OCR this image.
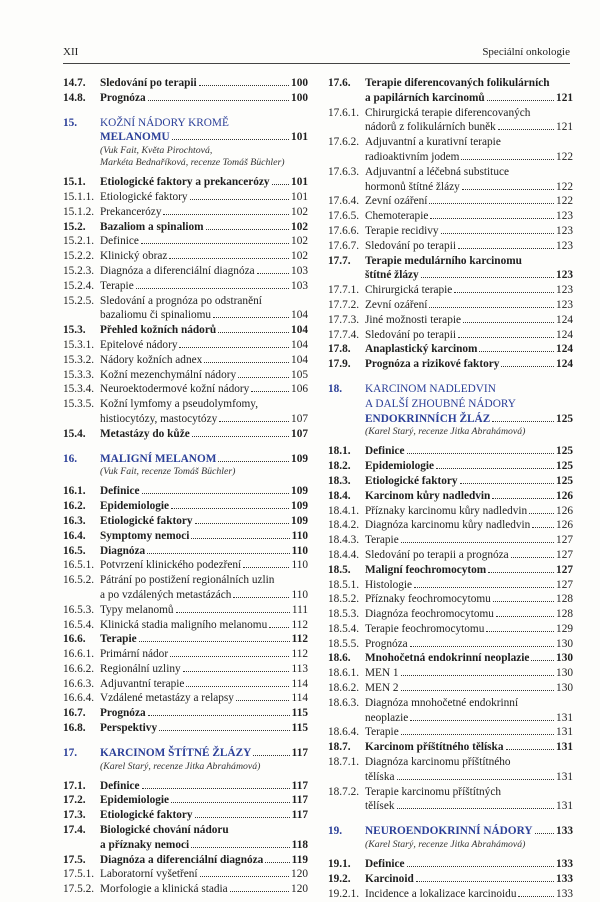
XII	Speciální onkologie
14.7. Sledování po terapii	100
14.8. Prognóza	100
15. KOŽNÍ NÁDORY KROMĚ
MELANOMU	101
(Vuk Fait, Květa Pirochtová,
Markéta Bednaříková, recenze Tomáš Büchler)
15.1. Etiologické faktory a prekancerózy 101
15.1.1. Etiologické faktory	101
15.1.2. Prekancerózy	102
15.2. Bazaliom a spinaliom	102
15.2.1. Definice	102
15.2.2. Klinický obraz	102
15.2.3. Diagnóza a diferenciální diagnóza	103
15.2.4. Terapie	103
15.2.5. Sledování a prognóza po odstranění
bazaliomu či spinaliomu	104
15.3. Přehled kožních nádorů	104
15.3.1. Epitelové nádory	104
15.3.2. Nádory kožních adnex	104
15.3.3. Kožní mezenchymální nádory	105
15.3.4. Neuroektodermové kožní nádory	106
15.3.5. Kožní lymfomy a pseudolymfomy,
histiocytózy, mastocytózy	107
15.4. Metastázy do kůže	107
16. MALIGNÍ MELANOM	109
(Vuk Fait, recenze Tomáš Büchler)
16.1. Definice	109
16.2. Epidemiologie	109
16.3. Etiologické faktory	109
16.4. Symptomy nemoci	110
16.5. Diagnóza	110
16.5.1. Potvrzení klinického podezření	110
16.5.2. Pátrání po postižení regionálních uzlin
a po vzdálených metastázách	110
16.5.3. Typy melanomů	111
16.5.4. Klinická stadia maligního melanomu 112
16.6. Terapie	112
16.6.1. Primární nádor	112
16.6.2. Regionální uzliny	113
16.6.3. Adjuvantní terapie	114
16.6.4. Vzdálené metastázy a relapsy	114
16.7. Prognóza	115
16.8. Perspektivy	115
17. KARCINOM ŠTÍTNÉ ŽLÁZY	117
(Karel Starý, recenze Jitka Abrahámová)
17.1. Definice	117
17.2. Epidemiologie	117
17.3. Etiologické faktory	117
17.4. Biologické chování nádoru
a příznaky nemoci	118
17.5. Diagnóza a diferenciální diagnóza	119
17.5.1. Laboratorní vyšetření	120
17.5.2. Morfologie a klinická stadia	120
17.6. Terapie diferencovaných folikulárních
a papilárních karcinomů	121
17.6.1. Chirurgická terapie diferencovaných
nádorů z folikulárních buněk	121
17.6.2. Adjuvantní a kurativní terapie
radioaktivním jodem	122
17.6.3. Adjuvantní a léčebná substituce
hormonů štítné žlázy	122
17.6.4. Zevní ozáření	122
17.6.5. Chemoterapie	123
17.6.6. Terapie recidivy	123
17.6.7. Sledování po terapii	123
17.7. Terapie medulárního karcinomu
štítné žlázy	123
17.7.1. Chirurgická terapie	123
17.7.2. Zevní ozáření	123
17.7.3. Jiné možnosti terapie	124
17.7.4. Sledování po terapii	124
17.8. Anaplastický karcinom	124
17.9. Prognóza a rizikové faktory	124
18. KARCINOM NADLEDVIN
A DALŠÍ ZHOUBNÉ NÁDORY
ENDOKRINNÍCH ŽLÁZ	125
(Karel Starý, recenze Jitka Abrahámová)
18.1. Definice	125
18.2. Epidemiologie	125
18.3. Etiologické faktory	125
18.4. Karcinom kůry nadledvin	126
18.4.1. Příznaky karcinomu kůry nadledvin	126
18.4.2. Diagnóza karcinomu kůry nadledvin 126
18.4.3. Terapie	127
18.4.4. Sledování po terapii a prognóza	127
18.5. Maligní feochromocytom	127
18.5.1. Histologie	127
18.5.2. Příznaky feochromocytomu	128
18.5.3. Diagnóza feochromocytomu	128
18.5.4. Terapie feochromocytomu	129
18.5.5. Prognóza	130
18.6. Mnohočetná endokrinní neoplazie 130
18.6.1. MEN 1	130
18.6.2. MEN 2	130
18.6.3. Diagnóza mnohočetné endokrinní
neoplazie	131
18.6.4. Terapie	131
18.7. Karcinom příštítného tělíska	131
18.7.1. Diagnóza karcinomu příštítného
tělíska	131
18.7.2. Terapie karcinomu příštítných
tělísek	131
19. NEUROENDOKRINNÍ NÁDORY 133
(Karel Starý, recenze Jitka Abrahámová)
19.1. Definice	133
19.2. Karcinoid	133
19.2.1. Incidence a lokalizace karcinoidu	133
